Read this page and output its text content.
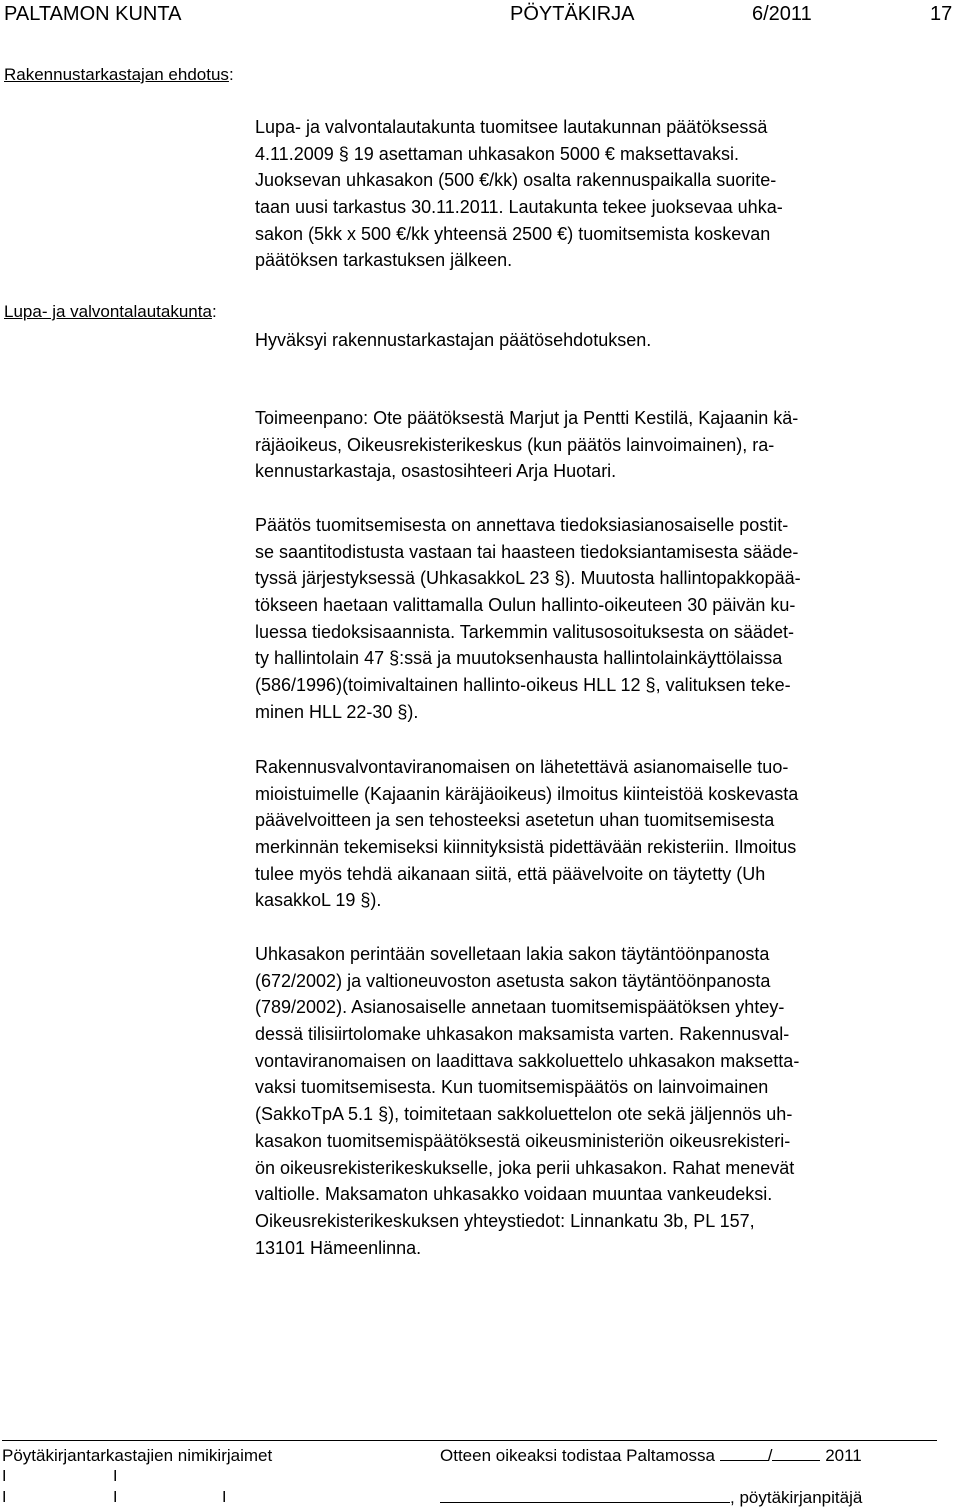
PALTAMON KUNTA	PÖYTÄKIRJA	6/2011	17
Rakennustarkastajan ehdotus:
Lupa- ja valvontalautakunta:
Lupa- ja valvontalautakunta tuomitsee lautakunnan päätöksessä
4.11.2009 § 19 asettaman uhkasakon 5000 € maksettavaksi.
Juoksevan uhkasakon (500 €/kk) osalta rakennuspaikalla suorite-
taan uusi tarkastus 30.11.2011. Lautakunta tekee juoksevaa uhka-
sakon (5kk x 500 €/kk yhteensä 2500 €) tuomitsemista koskevan
päätöksen tarkastuksen jälkeen.
Hyväksyi rakennustarkastajan päätösehdotuksen.
Toimeenpano: Ote päätöksestä Marjut ja Pentti Kestilä, Kajaanin kä-
räjäoikeus, Oikeusrekisterikeskus (kun päätös lainvoimainen), ra-
kennustarkastaja, osastosihteeri Arja Huotari.
Päätös tuomitsemisesta on annettava tiedoksiasianosaiselle postit-
se saantitodistusta vastaan tai haasteen tiedoksiantamisesta sääde-
tyssä järjestyksessä (UhkasakkoL 23 §). Muutosta hallintopakkopää-
tökseen haetaan valittamalla Oulun hallinto-oikeuteen 30 päivän ku-
luessa tiedoksisaannista. Tarkemmin valitusosoituksesta on säädet-
ty hallintolain 47 §:ssä ja muutoksenhausta hallintolainkäyttölaissa
(586/1996)(toimivaltainen hallinto-oikeus HLL 12 §, valituksen teke-
minen HLL 22-30 §).
Rakennusvalvontaviranomaisen on lähetettävä asianomaiselle tuo-
mioistuimelle (Kajaanin käräjäoikeus) ilmoitus kiinteistöä koskevasta
päävelvoitteen ja sen tehosteeksi asetetun uhan tuomitsemisesta
merkinnän tekemiseksi kiinnityksistä pidettävään rekisteriin. Ilmoitus
tulee myös tehdä aikanaan siitä, että päävelvoite on täytetty (Uh
kasakkoL 19 §).
Uhkasakon perintään sovelletaan lakia sakon täytäntöönpanosta
(672/2002) ja valtioneuvoston asetusta sakon täytäntöönpanosta
(789/2002). Asianosaiselle annetaan tuomitsemispäätöksen yhtey-
dessä tilisiirtolomake uhkasakon maksamista varten. Rakennusval-
vontaviranomaisen on laadittava sakkoluettelo uhkasakon maksetta-
vaksi tuomitsemisesta. Kun tuomitsemispäätös on lainvoimainen
(SakkoTpA 5.1 §), toimitetaan sakkoluettelon ote sekä jäljennös uh-
kasakon tuomitsemispäätöksestä oikeusministeriön oikeusrekisteri-
ön oikeusrekisterikeskukselle, joka perii uhkasakon. Rahat menevät
valtiolle. Maksamaton uhkasakko voidaan muuntaa vankeudeksi.
Oikeusrekisterikeskuksen yhteystiedot: Linnankatu 3b, PL 157,
13101 Hämeenlinna.
Pöytäkirjantarkastajien nimikirjaimet	Otteen oikeaksi todistaa Paltamossa	/	2011
I	I
I	I	I	, pöytäkirjanpitäjä
